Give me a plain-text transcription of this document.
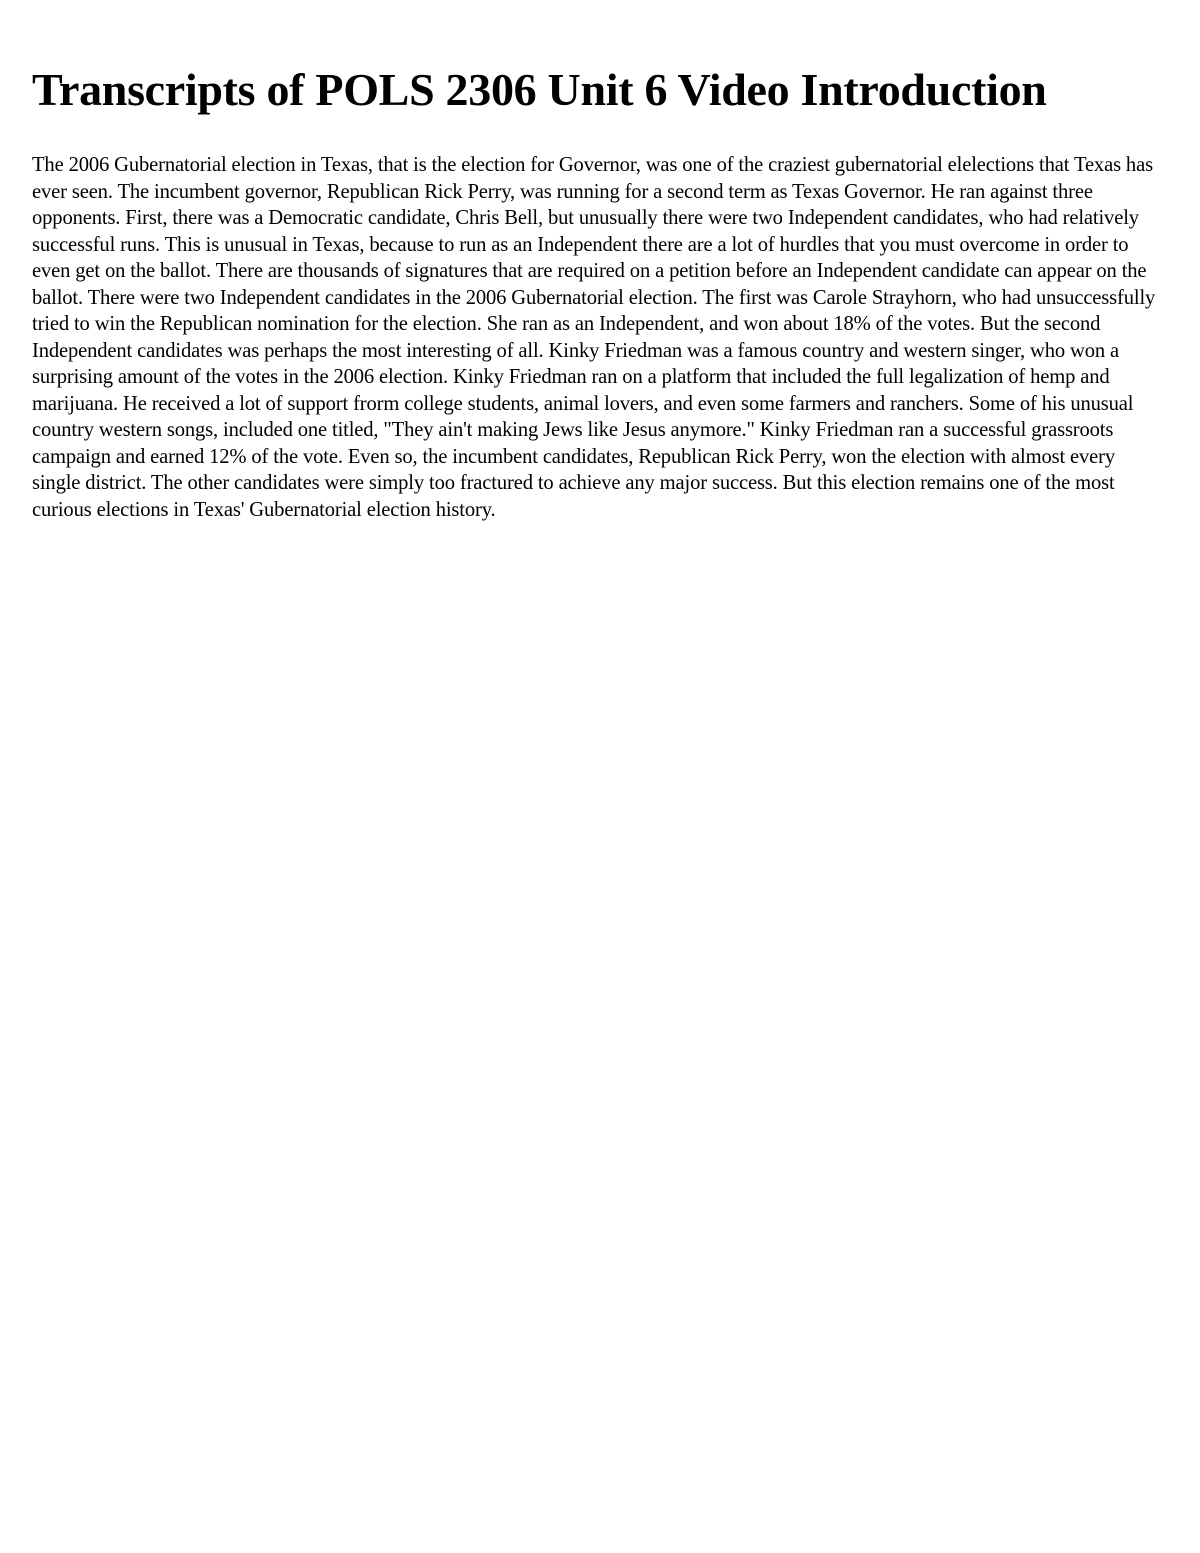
Transcripts of POLS 2306 Unit 6 Video Introduction

The 2006 Gubernatorial election in Texas, that is the election for Governor, was one of the craziest gubernatorial elelections that Texas has ever seen. The incumbent governor, Republican Rick Perry, was running for a second term as Texas Governor. He ran against three opponents. First, there was a Democratic candidate, Chris Bell, but unusually there were two Independent candidates, who had relatively successful runs. This is unusual in Texas, because to run as an Independent there are a lot of hurdles that you must overcome in order to even get on the ballot. There are thousands of signatures that are required on a petition before an Independent candidate can appear on the ballot. There were two Independent candidates in the 2006 Gubernatorial election. The first was Carole Strayhorn, who had unsuccessfully tried to win the Republican nomination for the election. She ran as an Independent, and won about 18% of the votes. But the second Independent candidates was perhaps the most interesting of all. Kinky Friedman was a famous country and western singer, who won a surprising amount of the votes in the 2006 election. Kinky Friedman ran on a platform that included the full legalization of hemp and marijuana. He received a lot of support frorm college students, animal lovers, and even some farmers and ranchers. Some of his unusual country western songs, included one titled, "They ain't making Jews like Jesus anymore." Kinky Friedman ran a successful grassroots campaign and earned 12% of the vote. Even so, the incumbent candidates, Republican Rick Perry, won the election with almost every single district. The other candidates were simply too fractured to achieve any major success. But this election remains one of the most curious elections in Texas' Gubernatorial election history.
